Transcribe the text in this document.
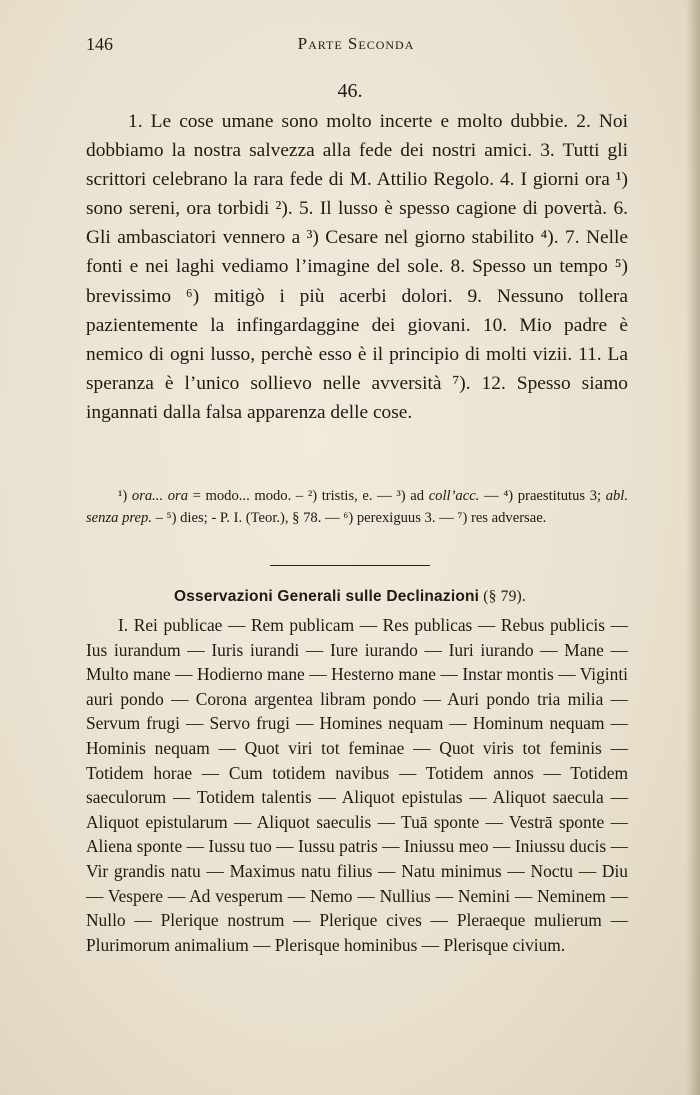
146	Parte Seconda
46.

1. Le cose umane sono molto incerte e molto dubbie. 2. Noi dobbiamo la nostra salvezza alla fede dei nostri amici. 3. Tutti gli scrittori celebrano la rara fede di M. Attilio Regolo. 4. I giorni ora ¹) sono sereni, ora torbidi ²). 5. Il lusso è spesso cagione di povertà. 6. Gli ambasciatori vennero a ³) Cesare nel giorno stabilito ⁴). 7. Nelle fonti e nei laghi vediamo l’imagine del sole. 8. Spesso un tempo ⁵) brevissimo ⁶) mitigò i più acerbi dolori. 9. Nessuno tollera pazientemente la infingardaggine dei giovani. 10. Mio padre è nemico di ogni lusso, perchè esso è il principio di molti vizii. 11. La speranza è l’unico sollievo nelle avversità ⁷). 12. Spesso siamo ingannati dalla falsa apparenza delle cose.

¹) ora... ora = modo... modo. – ²) tristis, e. — ³) ad coll’acc. — ⁴) praestitutus 3; abl. senza prep. – ⁵) dies; - P. I. (Teor.), § 78. — ⁶) perexiguus 3. — ⁷) res adversae.

Osservazioni Generali sulle Declinazioni (§ 79).

I. Rei publicae — Rem publicam — Res publicas — Rebus publicis — Ius iurandum — Iuris iurandi — Iure iurando — Iuri iurando — Mane — Multo mane — Hodierno mane — Hesterno mane — Instar montis — Viginti auri pondo — Corona argentea libram pondo — Auri pondo tria milia — Servum frugi — Servo frugi — Homines nequam — Hominum nequam — Hominis nequam — Quot viri tot feminae — Quot viris tot feminis — Totidem horae — Cum totidem navibus — Totidem annos — Totidem saeculorum — Totidem talentis — Aliquot epistulas — Aliquot saecula — Aliquot epistularum — Aliquot saeculis — Tuā sponte — Vestrā sponte — Aliena sponte — Iussu tuo — Iussu patris — Iniussu meo — Iniussu ducis — Vir grandis natu — Maximus natu filius — Natu minimus — Noctu — Diu — Vespere — Ad vesperum — Nemo — Nullius — Nemini — Neminem — Nullo — Plerique nostrum — Plerique cives — Pleraeque mulierum — Plurimorum animalium — Plerisque hominibus — Plerisque civium.
